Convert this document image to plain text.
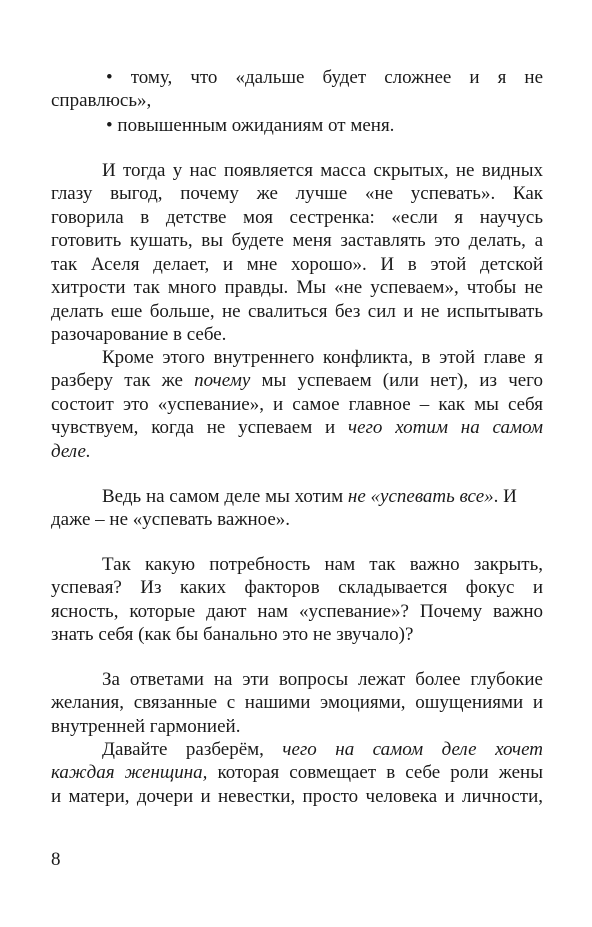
• тому, что «дальше будет сложнее и я не
справлюсь»,
• повышенным ожиданиям от меня.
И тогда у нас появляется масса скрытых, не видных
глазу выгод, почему же лучше «не успевать». Как
говорила в детстве моя сестренка: «если я научусь
готовить кушать, вы будете меня заставлять это делать, а
так Аселя делает, и мне хорошо». И в этой детской
хитрости так много правды. Мы «не успеваем», чтобы не
делать еше больше, не свалиться без сил и не испытывать
разочарование в себе.
Кроме этого внутреннего конфликта, в этой главе я
разберу так же почему мы успеваем (или нет), из чего
состоит это «успевание», и самое главное – как мы себя
чувствуем, когда не успеваем и чего хотим на самом
деле.
Ведь на самом деле мы хотим не «успевать все». И
даже – не «успевать важное».
Так какую потребность нам так важно закрыть,
успевая? Из каких факторов складывается фокус и
ясность, которые дают нам «успевание»? Почему важно
знать себя (как бы банально это не звучало)?
За ответами на эти вопросы лежат более глубокие
желания, связанные с нашими эмоциями, ошущениями и
внутренней гармонией.
Давайте разберём, чего на самом деле хочет
каждая женщина, которая совмещает в себе роли жены
и матери, дочери и невестки, просто человека и личности,
8
